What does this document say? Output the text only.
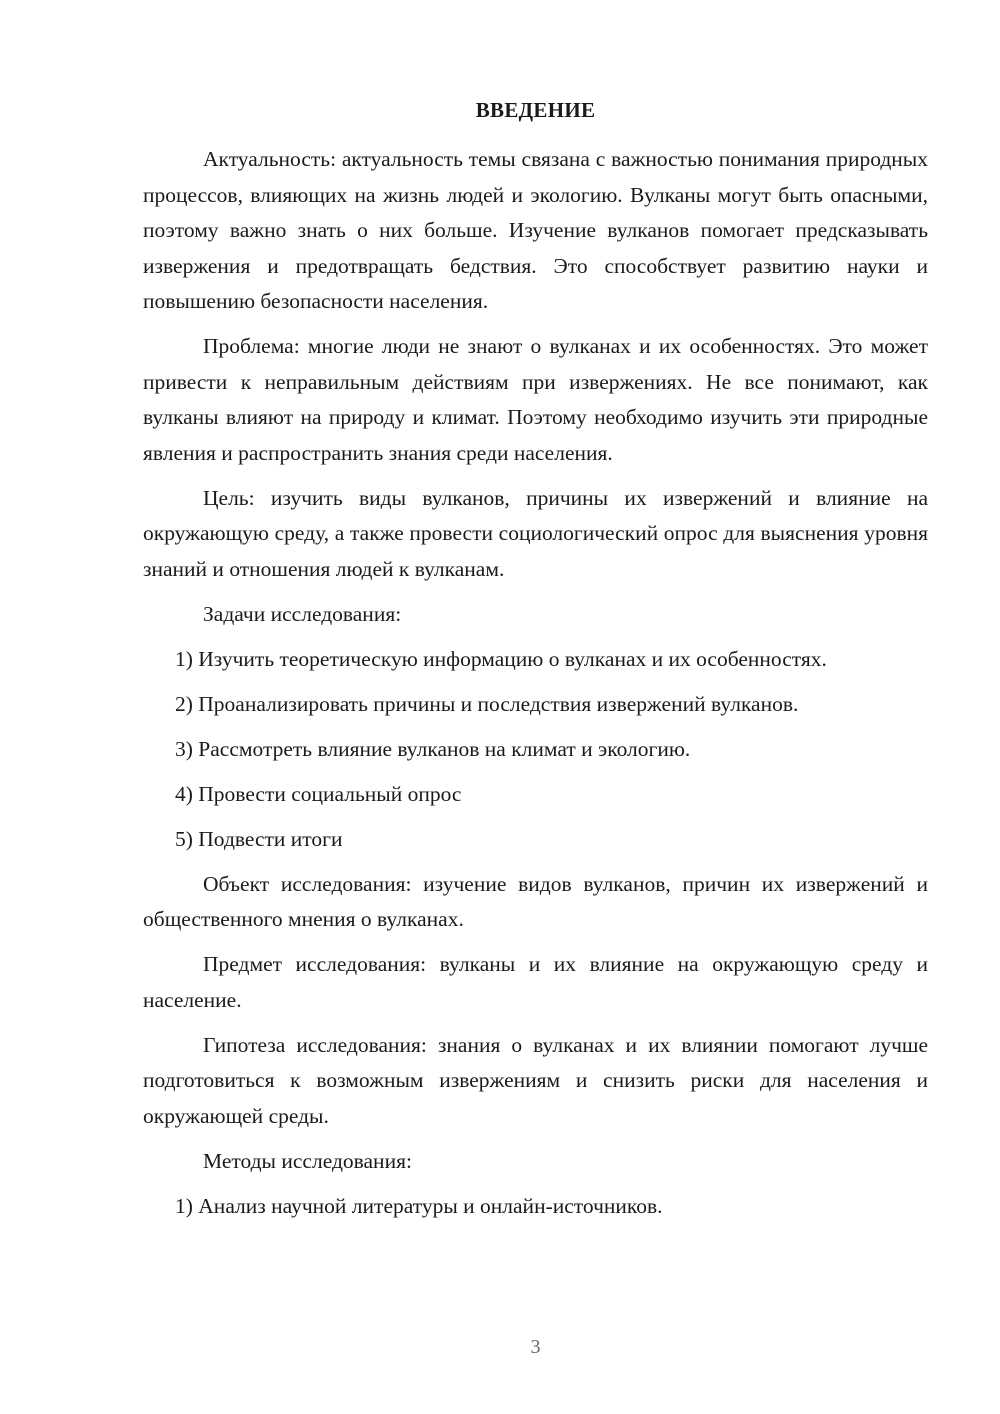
ВВЕДЕНИЕ

Актуальность: актуальность темы связана с важностью понимания природных процессов, влияющих на жизнь людей и экологию. Вулканы могут быть опасными, поэтому важно знать о них больше. Изучение вулканов помогает предсказывать извержения и предотвращать бедствия. Это способствует развитию науки и повышению безопасности населения.

Проблема: многие люди не знают о вулканах и их особенностях. Это может привести к неправильным действиям при извержениях. Не все понимают, как вулканы влияют на природу и климат. Поэтому необходимо изучить эти природные явления и распространить знания среди населения.

Цель: изучить виды вулканов, причины их извержений и влияние на окружающую среду, а также провести социологический опрос для выяснения уровня знаний и отношения людей к вулканам.

Задачи исследования:

1) Изучить теоретическую информацию о вулканах и их особенностях.

2) Проанализировать причины и последствия извержений вулканов.

3) Рассмотреть влияние вулканов на климат и экологию.

4) Провести социальный опрос

5) Подвести итоги

Объект исследования: изучение видов вулканов, причин их извержений и общественного мнения о вулканах.

Предмет исследования: вулканы и их влияние на окружающую среду и население.

Гипотеза исследования: знания о вулканах и их влиянии помогают лучше подготовиться к возможным извержениям и снизить риски для населения и окружающей среды.

Методы исследования:

1) Анализ научной литературы и онлайн-источников.

3
